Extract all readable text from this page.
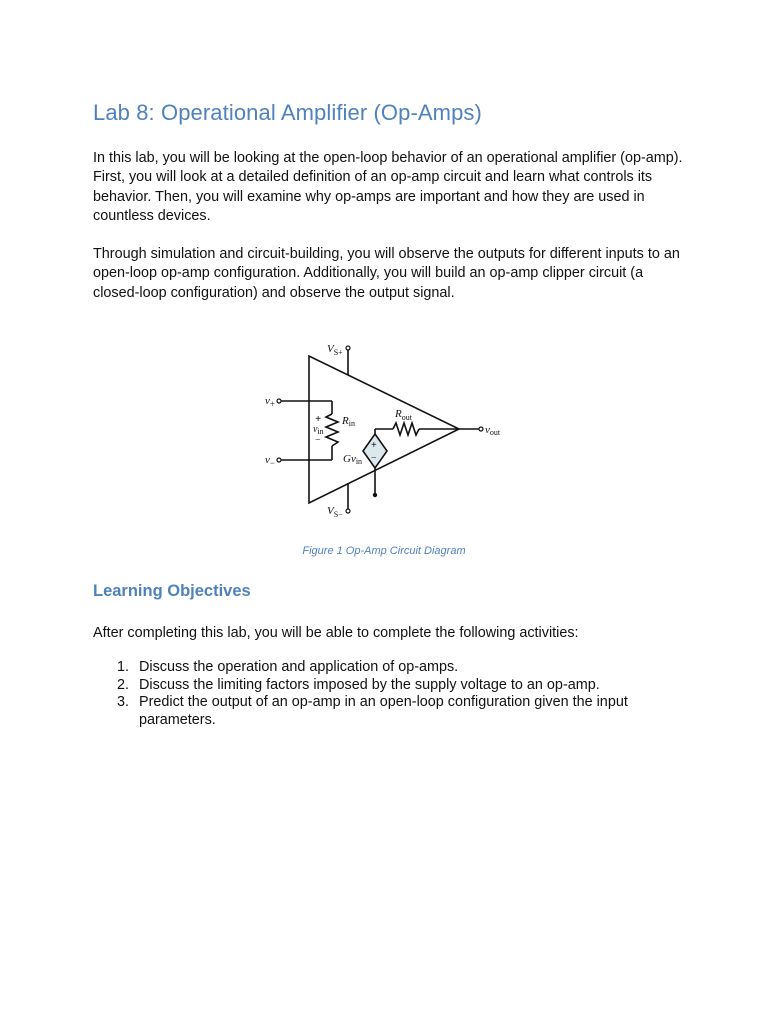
Lab 8: Operational Amplifier (Op-Amps)

In this lab, you will be looking at the open-loop behavior of an operational amplifier (op-amp). First, you will look at a detailed definition of an op-amp circuit and learn what controls its behavior. Then, you will examine why op-amps are important and how they are used in countless devices.

Through simulation and circuit-building, you will observe the outputs for different inputs to an open-loop op-amp configuration. Additionally, you will build an op-amp clipper circuit (a closed-loop configuration) and observe the output signal.

$V_{S+}$
$V_{S-}$
$v_+$
$v_-$
Rin
$R_{out}$
$v_{in}$
+
−	+
−
Gvin
vout
Figure 1 Op-Amp Circuit Diagram
Learning Objectives

After completing this lab, you will be able to complete the following activities:

1. Discuss the operation and application of op-amps.
2. Discuss the limiting factors imposed by the supply voltage to an op-amp.
3. Predict the output of an op-amp in an open-loop configuration given the input parameters.
